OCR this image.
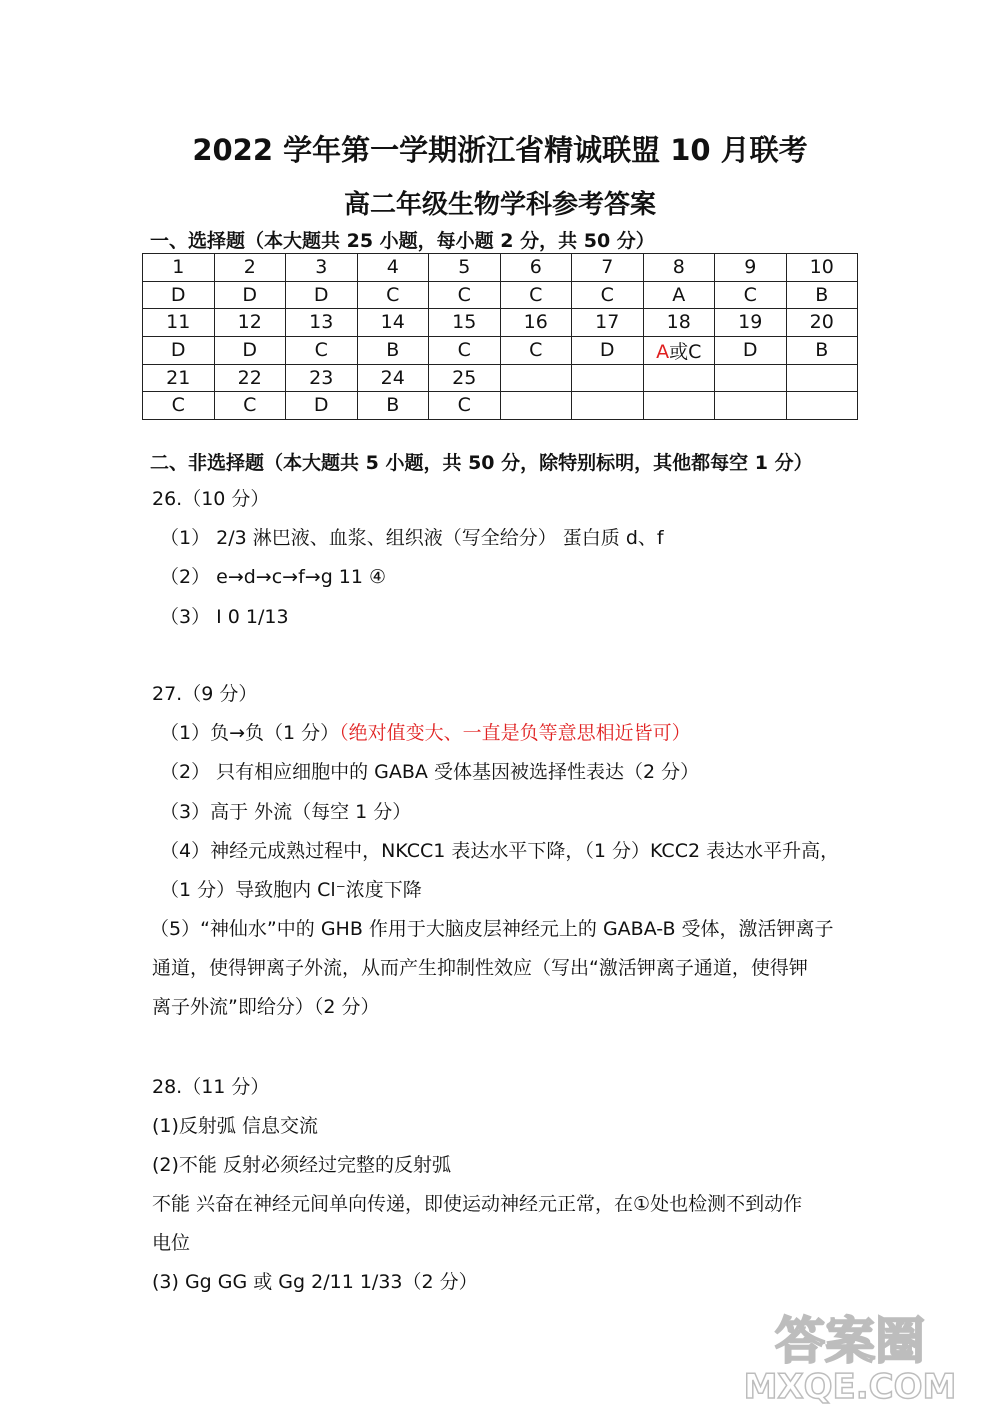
2022 学年第一学期浙江省精诚联盟 10 月联考
高二年级生物学科参考答案
一、选择题（本大题共 25 小题，每小题 2 分，共 50 分）
1	2	3	4	5	6	7	8	9	10
D	D	D	C	C	C	C	A	C	B
11	12	13	14	15	16	17	18	19	20
D	D	C	B	C	C	D	A或C	D	B
21	22	23	24	25					
C	C	D	B	C					
二、非选择题（本大题共 5 小题，共 50 分，除特别标明，其他都每空 1 分）
26.（10 分）
（1） 2/3 淋巴液、血浆、组织液（写全给分） 蛋白质 d、f
（2） e→d→c→f→g 11 ④
（3） Ⅰ 0 1/13
27.（9 分）
（1）负→负（1 分）（绝对值变大、一直是负等意思相近皆可）
（2） 只有相应细胞中的 GABA 受体基因被选择性表达（2 分）
（3）高于 外流（每空 1 分）
（4）神经元成熟过程中，NKCC1 表达水平下降，（1 分）KCC2 表达水平升高，
（1 分）导致胞内 Cl⁻浓度下降
（5）“神仙水”中的 GHB 作用于大脑皮层神经元上的 GABA-B 受体，激活钾离子
通道，使得钾离子外流，从而产生抑制性效应（写出“激活钾离子通道，使得钾
离子外流”即给分）（2 分）
28.（11 分）
(1)反射弧 信息交流
(2)不能 反射必须经过完整的反射弧
不能 兴奋在神经元间单向传递，即使运动神经元正常，在①处也检测不到动作
电位
(3) Gg GG 或 Gg 2/11 1/33（2 分）
答案圈
MXQE.COM
